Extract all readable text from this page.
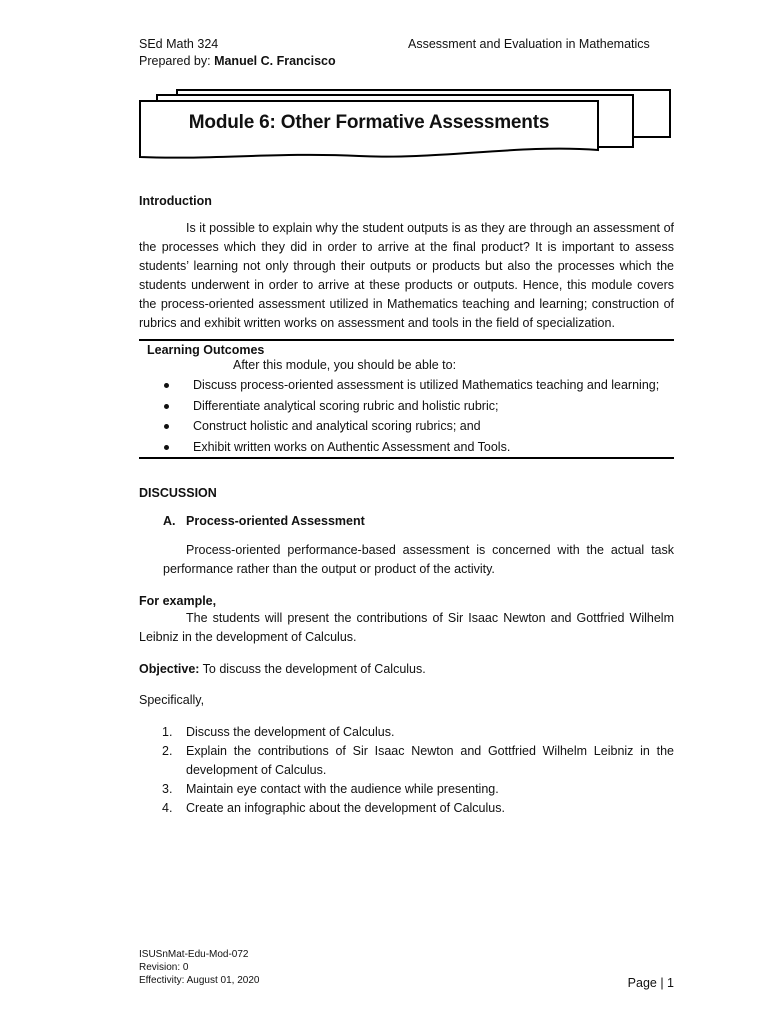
SEd Math 324
Prepared by: Manuel C. Francisco
Assessment and Evaluation in Mathematics
Module 6: Other Formative Assessments
Introduction
Is it possible to explain why the student outputs is as they are through an assessment of the processes which they did in order to arrive at the final product? It is important to assess students’ learning not only through their outputs or products but also the processes which the students underwent in order to arrive at these products or outputs. Hence, this module covers the process-oriented assessment utilized in Mathematics teaching and learning; construction of rubrics and exhibit written works on assessment and tools in the field of specialization.
Learning Outcomes
After this module, you should be able to:
Discuss process-oriented assessment is utilized Mathematics teaching and learning;
Differentiate analytical scoring rubric and holistic rubric;
Construct holistic and analytical scoring rubrics; and
Exhibit written works on Authentic Assessment and Tools.
DISCUSSION
A. Process-oriented Assessment
Process-oriented performance-based assessment is concerned with the actual task performance rather than the output or product of the activity.
For example,
The students will present the contributions of Sir Isaac Newton and Gottfried Wilhelm Leibniz in the development of Calculus.
Objective: To discuss the development of Calculus.
Specifically,
1. Discuss the development of Calculus.
2. Explain the contributions of Sir Isaac Newton and Gottfried Wilhelm Leibniz in the development of Calculus.
3. Maintain eye contact with the audience while presenting.
4. Create an infographic about the development of Calculus.
ISUSnMat-Edu-Mod-072
Revision: 0
Effectivity: August 01, 2020	Page | 1
